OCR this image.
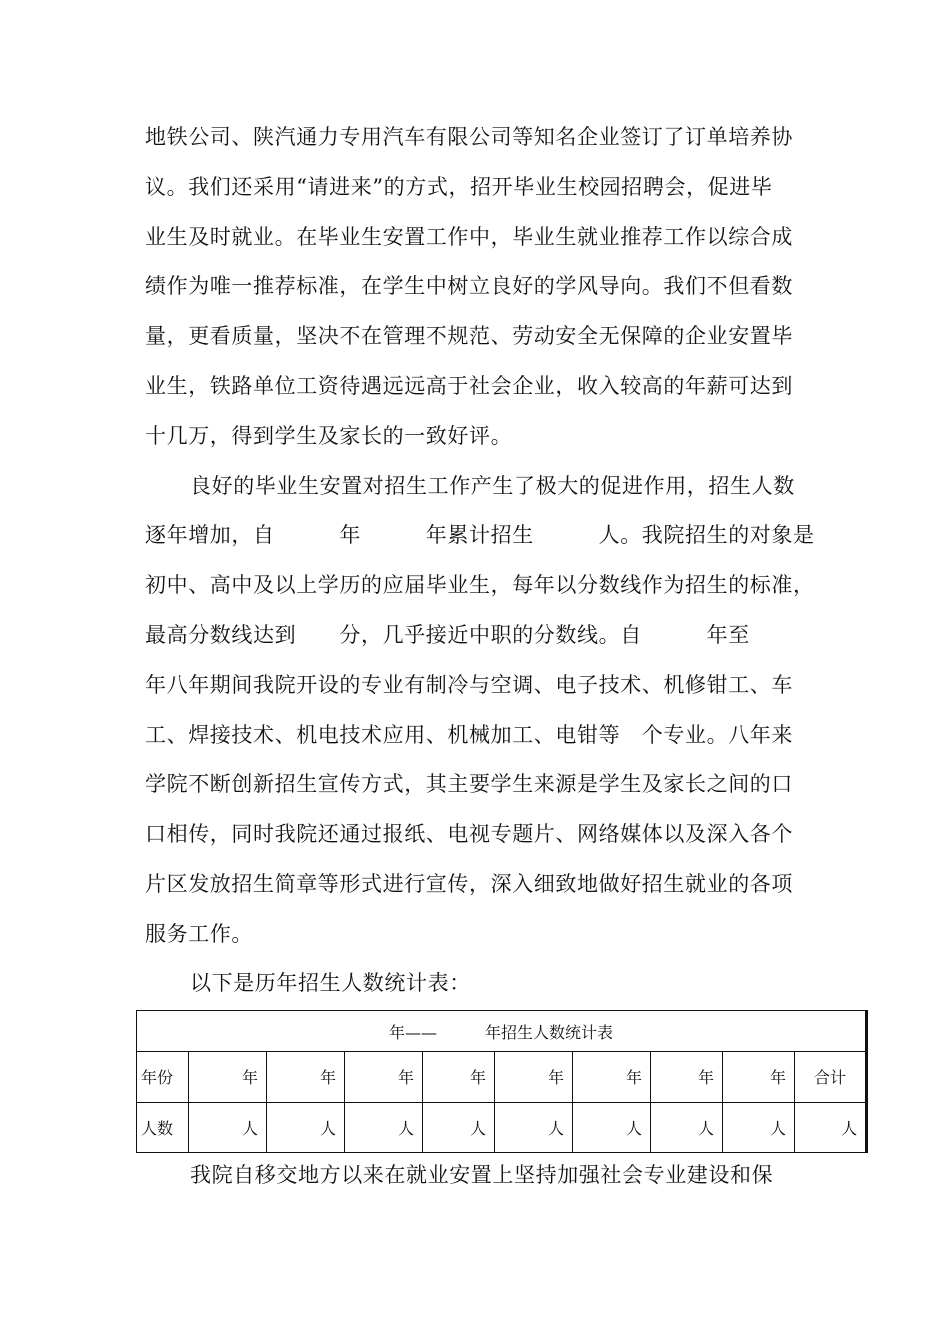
地铁公司、陕汽通力专用汽车有限公司等知名企业签订了订单培养协
议。我们还采用“请进来”的方式，招开毕业生校园招聘会，促进毕
业生及时就业。在毕业生安置工作中，毕业生就业推荐工作以综合成
绩作为唯一推荐标准，在学生中树立良好的学风导向。我们不但看数
量，更看质量，坚决不在管理不规范、劳动安全无保障的企业安置毕
业生，铁路单位工资待遇远远高于社会企业，收入较高的年薪可达到
十几万，得到学生及家长的一致好评。
良好的毕业生安置对招生工作产生了极大的促进作用，招生人数
逐年增加，自　　　年　　　年累计招生　　　人。我院招生的对象是
初中、高中及以上学历的应届毕业生，每年以分数线作为招生的标准，
最高分数线达到　　分，几乎接近中职的分数线。自　　　年至
年八年期间我院开设的专业有制冷与空调、电子技术、机修钳工、车
工、焊接技术、机电技术应用、机械加工、电钳等　个专业。八年来
学院不断创新招生宣传方式，其主要学生来源是学生及家长之间的口
口相传，同时我院还通过报纸、电视专题片、网络媒体以及深入各个
片区发放招生简章等形式进行宣传，深入细致地做好招生就业的各项
服务工作。
以下是历年招生人数统计表：
年——　　　年招生人数统计表									
年份	年	年	年	年	年	年	年	年	合计
人数	人	人	人	人	人	人	人	人	人
我院自移交地方以来在就业安置上坚持加强社会专业建设和保
